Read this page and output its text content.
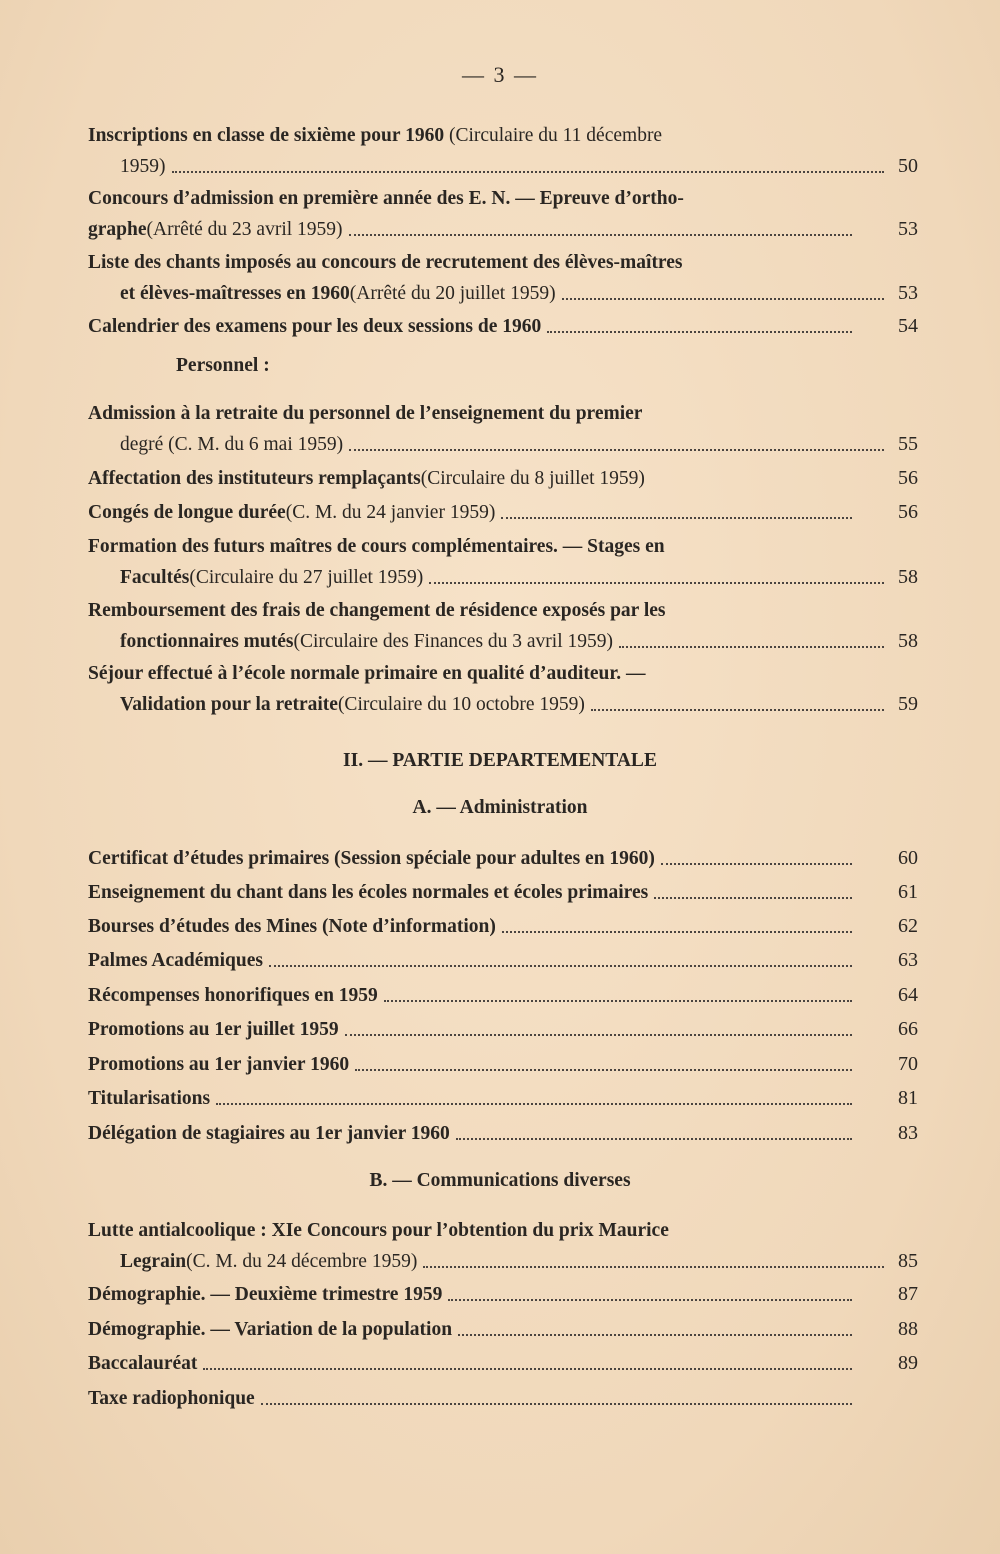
— 3 —
Inscriptions en classe de sixième pour 1960 (Circulaire du 11 décembre
1959)	50
Concours d’admission en première année des E. N. — Epreuve d’ortho-
graphe (Arrêté du 23 avril 1959)	53
Liste des chants imposés au concours de recrutement des élèves-maîtres
et élèves-maîtresses en 1960 (Arrêté du 20 juillet 1959)	53
Calendrier des examens pour les deux sessions de 1960	54
Personnel :
Admission à la retraite du personnel de l’enseignement du premier
degré (C. M. du 6 mai 1959)	55
Affectation des instituteurs remplaçants (Circulaire du 8 juillet 1959)	56
Congés de longue durée (C. M. du 24 janvier 1959)	56
Formation des futurs maîtres de cours complémentaires. — Stages en
Facultés (Circulaire du 27 juillet 1959)	58
Remboursement des frais de changement de résidence exposés par les
fonctionnaires mutés (Circulaire des Finances du 3 avril 1959)	58
Séjour effectué à l’école normale primaire en qualité d’auditeur. —
Validation pour la retraite (Circulaire du 10 octobre 1959)	59
II. — PARTIE DEPARTEMENTALE
A. — Administration
Certificat d’études primaires (Session spéciale pour adultes en 1960)	60
Enseignement du chant dans les écoles normales et écoles primaires	61
Bourses d’études des Mines (Note d’information)	62
Palmes Académiques	63
Récompenses honorifiques en 1959	64
Promotions au 1er juillet 1959	66
Promotions au 1er janvier 1960	70
Titularisations	81
Délégation de stagiaires au 1er janvier 1960	83
B. — Communications diverses
Lutte antialcoolique : XIe Concours pour l’obtention du prix Maurice
Legrain (C. M. du 24 décembre 1959)	85
Démographie. — Deuxième trimestre 1959	87
Démographie. — Variation de la population	88
Baccalauréat	89
Taxe radiophonique
